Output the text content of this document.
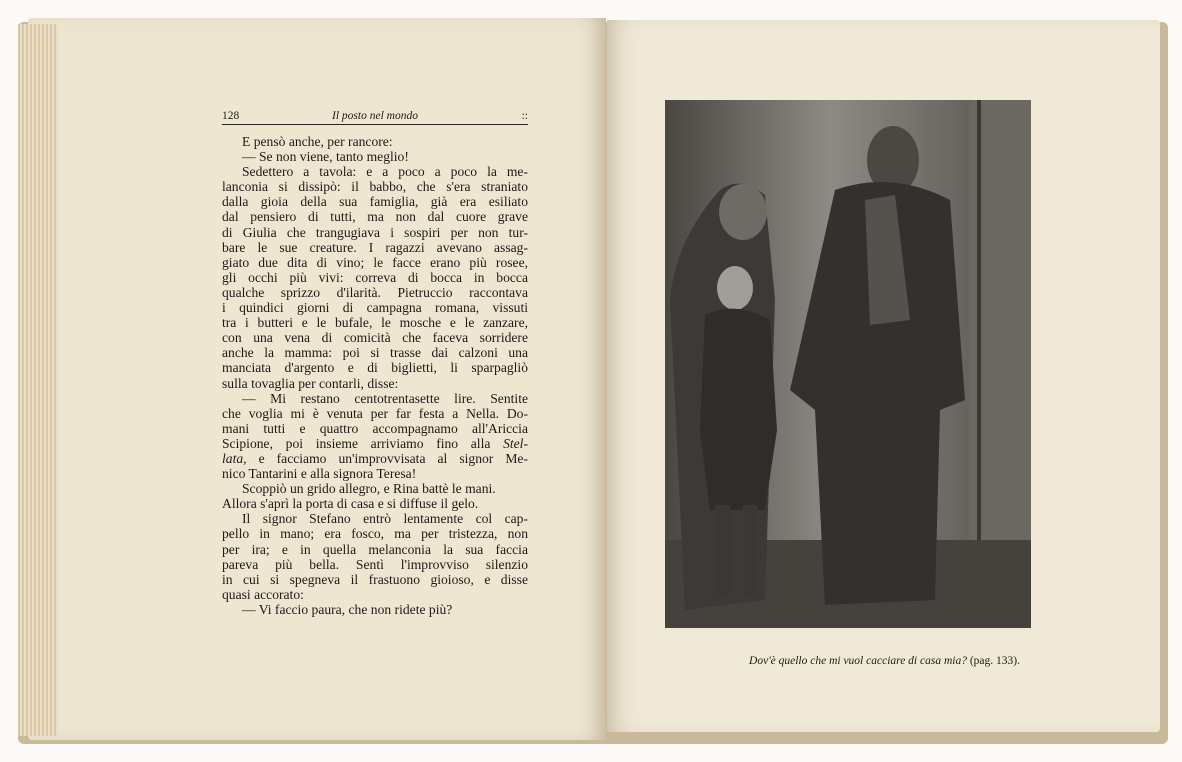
128	Il posto nel mondo	::
E pensò anche, per rancore:
— Se non viene, tanto meglio!
Sedettero a tavola: e a poco a poco la me-
lanconia si dissipò: il babbo, che s'era straniato
dalla gioia della sua famiglia, già era esiliato
dal pensiero di tutti, ma non dal cuore grave
di Giulia che trangugiava i sospiri per non tur-
bare le sue creature. I ragazzi avevano assag-
giato due dita di vino; le facce erano più rosee,
gli occhi più vivi: correva di bocca in bocca
qualche sprizzo d'ilarità. Pietruccio raccontava
i quindici giorni di campagna romana, vissuti
tra i butteri e le bufale, le mosche e le zanzare,
con una vena di comicità che faceva sorridere
anche la mamma: poi si trasse dai calzoni una
manciata d'argento e di biglietti, li sparpagliò
sulla tovaglia per contarli, disse:
— Mi restano centotrentasette lire. Sentite
che voglia mi è venuta per far festa a Nella. Do-
mani tutti e quattro accompagnamo all'Ariccia
Scipione, poi insieme arriviamo fino alla Stel-
lata, e facciamo un'improvvisata al signor Me-
nico Tantarini e alla signora Teresa!
Scoppiò un grido allegro, e Rina battè le mani.
Allora s'aprì la porta di casa e si diffuse il gelo.
Il signor Stefano entrò lentamente col cap-
pello in mano; era fosco, ma per tristezza, non
per ira; e in quella melanconia la sua faccia
pareva più bella. Sentì l'improvviso silenzio
in cui si spegneva il frastuono gioioso, e disse
quasi accorato:
— Vi faccio paura, che non ridete più?
Dov'è quello che mi vuol cacciare di casa mia? (pag. 133).
